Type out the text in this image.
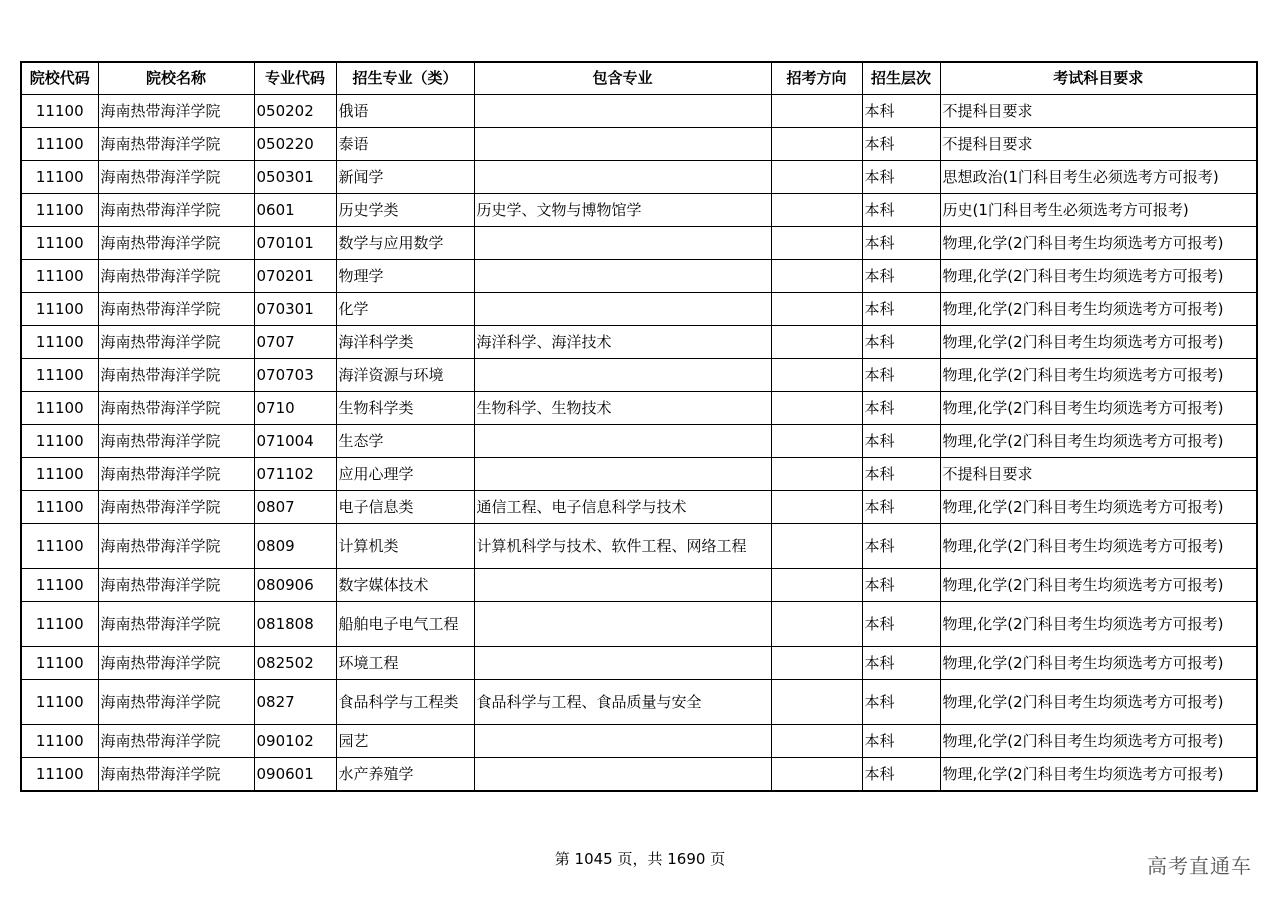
院校代码	院校名称	专业代码	招生专业（类）	包含专业	招考方向	招生层次	考试科目要求
11100	海南热带海洋学院	050202	俄语			本科	不提科目要求
11100	海南热带海洋学院	050220	泰语			本科	不提科目要求
11100	海南热带海洋学院	050301	新闻学			本科	思想政治(1门科目考生必须选考方可报考)
11100	海南热带海洋学院	0601	历史学类	历史学、文物与博物馆学		本科	历史(1门科目考生必须选考方可报考)
11100	海南热带海洋学院	070101	数学与应用数学			本科	物理,化学(2门科目考生均须选考方可报考)
11100	海南热带海洋学院	070201	物理学			本科	物理,化学(2门科目考生均须选考方可报考)
11100	海南热带海洋学院	070301	化学			本科	物理,化学(2门科目考生均须选考方可报考)
11100	海南热带海洋学院	0707	海洋科学类	海洋科学、海洋技术		本科	物理,化学(2门科目考生均须选考方可报考)
11100	海南热带海洋学院	070703	海洋资源与环境			本科	物理,化学(2门科目考生均须选考方可报考)
11100	海南热带海洋学院	0710	生物科学类	生物科学、生物技术		本科	物理,化学(2门科目考生均须选考方可报考)
11100	海南热带海洋学院	071004	生态学			本科	物理,化学(2门科目考生均须选考方可报考)
11100	海南热带海洋学院	071102	应用心理学			本科	不提科目要求
11100	海南热带海洋学院	0807	电子信息类	通信工程、电子信息科学与技术		本科	物理,化学(2门科目考生均须选考方可报考)
11100	海南热带海洋学院	0809	计算机类	计算机科学与技术、软件工程、网络工程		本科	物理,化学(2门科目考生均须选考方可报考)
11100	海南热带海洋学院	080906	数字媒体技术			本科	物理,化学(2门科目考生均须选考方可报考)
11100	海南热带海洋学院	081808	船舶电子电气工程			本科	物理,化学(2门科目考生均须选考方可报考)
11100	海南热带海洋学院	082502	环境工程			本科	物理,化学(2门科目考生均须选考方可报考)
11100	海南热带海洋学院	0827	食品科学与工程类	食品科学与工程、食品质量与安全		本科	物理,化学(2门科目考生均须选考方可报考)
11100	海南热带海洋学院	090102	园艺			本科	物理,化学(2门科目考生均须选考方可报考)
11100	海南热带海洋学院	090601	水产养殖学			本科	物理,化学(2门科目考生均须选考方可报考)
第 1045 页，共 1690 页	高考直通车
